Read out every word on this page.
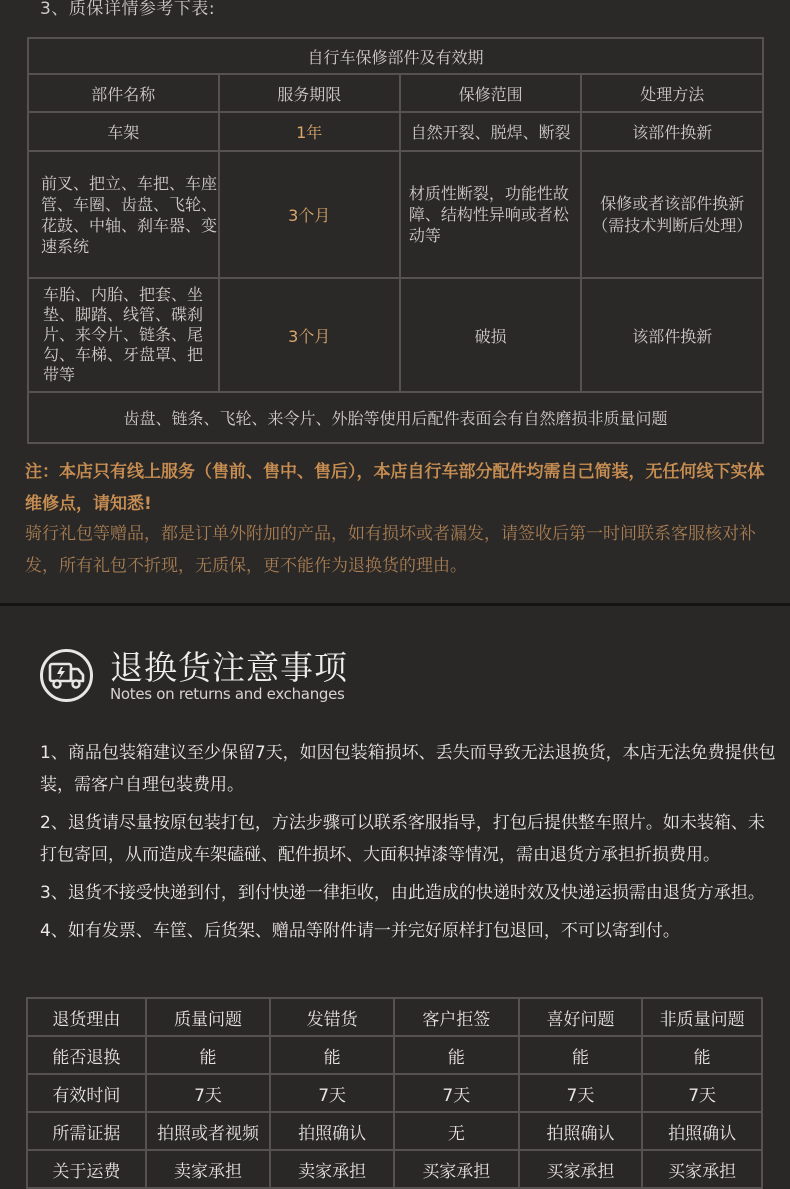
3、质保详情参考下表:
自行车保修部件及有效期			
部件名称	服务期限	保修范围	处理方法
车架	1年	自然开裂、脱焊、断裂	该部件换新
前叉、把立、车把、车座管、车圈、齿盘、飞轮、花鼓、中轴、刹车器、变速系统	3个月	材质性断裂，功能性故障、结构性异响或者松动等	保修或者该部件换新（需技术判断后处理）
车胎、内胎、把套、坐垫、脚踏、线管、碟刹片、来令片、链条、尾勾、车梯、牙盘罩、把带等	3个月	破损	该部件换新
齿盘、链条、飞轮、来令片、外胎等使用后配件表面会有自然磨损非质量问题			
注：本店只有线上服务（售前、售中、售后），本店自行车部分配件均需自己简装，无任何线下实体维修点，请知悉!
骑行礼包等赠品，都是订单外附加的产品，如有损坏或者漏发，请签收后第一时间联系客服核对补发，所有礼包不折现，无质保，更不能作为退换货的理由。
退换货注意事项
Notes on returns and exchanges

1、商品包装箱建议至少保留7天，如因包装箱损坏、丢失而导致无法退换货，本店无法免费提供包装，需客户自理包装费用。

2、退货请尽量按原包装打包，方法步骤可以联系客服指导，打包后提供整车照片。如未装箱、未打包寄回，从而造成车架磕碰、配件损坏、大面积掉漆等情况，需由退货方承担折损费用。

3、退货不接受快递到付，到付快递一律拒收，由此造成的快递时效及快递运损需由退货方承担。

4、如有发票、车筐、后货架、赠品等附件请一并完好原样打包退回，不可以寄到付。

退货理由	质量问题	发错货	客户拒签	喜好问题	非质量问题
能否退换	能	能	能	能	能
有效时间	7天	7天	7天	7天	7天
所需证据	拍照或者视频	拍照确认	无	拍照确认	拍照确认
关于运费	卖家承担	卖家承担	买家承担	买家承担	买家承担
